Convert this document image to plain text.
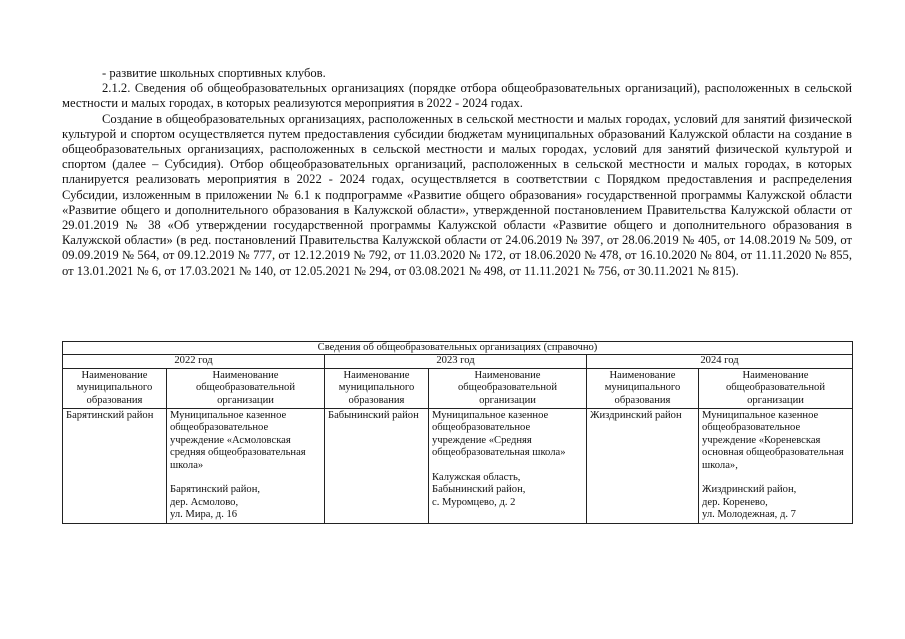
- развитие школьных спортивных клубов.

2.1.2. Сведения об общеобразовательных организациях (порядке отбора общеобразовательных организаций), расположенных в сельской местности и малых городах, в которых реализуются мероприятия в 2022 - 2024 годах.

Создание в общеобразовательных организациях, расположенных в сельской местности и малых городах, условий для занятий физической культурой и спортом осуществляется путем предоставления субсидии бюджетам муниципальных образований Калужской области на создание в общеобразовательных организациях, расположенных в сельской местности и малых городах, условий для занятий физической культурой и спортом (далее – Субсидия). Отбор общеобразовательных организаций, расположенных в сельской местности и малых городах, в которых планируется реализовать мероприятия в 2022 - 2024 годах, осуществляется в соответствии с Порядком предоставления и распределения Субсидии, изложенным в приложении № 6.1 к подпрограмме «Развитие общего образования» государственной программы Калужской области «Развитие общего и дополнительного образования в Калужской области», утвержденной постановлением Правительства Калужской области от 29.01.2019 № 38 «Об утверждении государственной программы Калужской области «Развитие общего и дополнительного образования в Калужской области» (в ред. постановлений Правительства Калужской области от 24.06.2019 № 397, от 28.06.2019 № 405, от 14.08.2019 № 509, от 09.09.2019 № 564, от 09.12.2019 № 777, от 12.12.2019 № 792, от 11.03.2020 № 172, от 18.06.2020 № 478, от 16.10.2020 № 804, от 11.11.2020 № 855, от 13.01.2021 № 6, от 17.03.2021 № 140, от 12.05.2021 № 294, от 03.08.2021 № 498, от 11.11.2021 № 756, от 30.11.2021 № 815).

Сведения об общеобразовательных организациях (справочно)					
2022 год		2023 год		2024 год	
Наименование муниципального образования	Наименование общеобразовательной организации	Наименование муниципального образования	Наименование общеобразовательной организации	Наименование муниципального образования	Наименование общеобразовательной организации
Барятинский район	Муниципальное казенное общеобразовательное учреждение «Асмоловская средняя общеобразовательная школа»

Барятинский район,
дер. Асмолово,
ул. Мира, д. 16	Бабынинский район	Муниципальное казенное общеобразовательное учреждение «Средняя общеобразовательная школа»

Калужская область,
Бабынинский район,
с. Муромцево, д. 2	Жиздринский район	Муниципальное казенное общеобразовательное учреждение «Кореневская основная общеобразовательная школа»,

Жиздринский район,
дер. Коренево,
ул. Молодежная, д. 7
